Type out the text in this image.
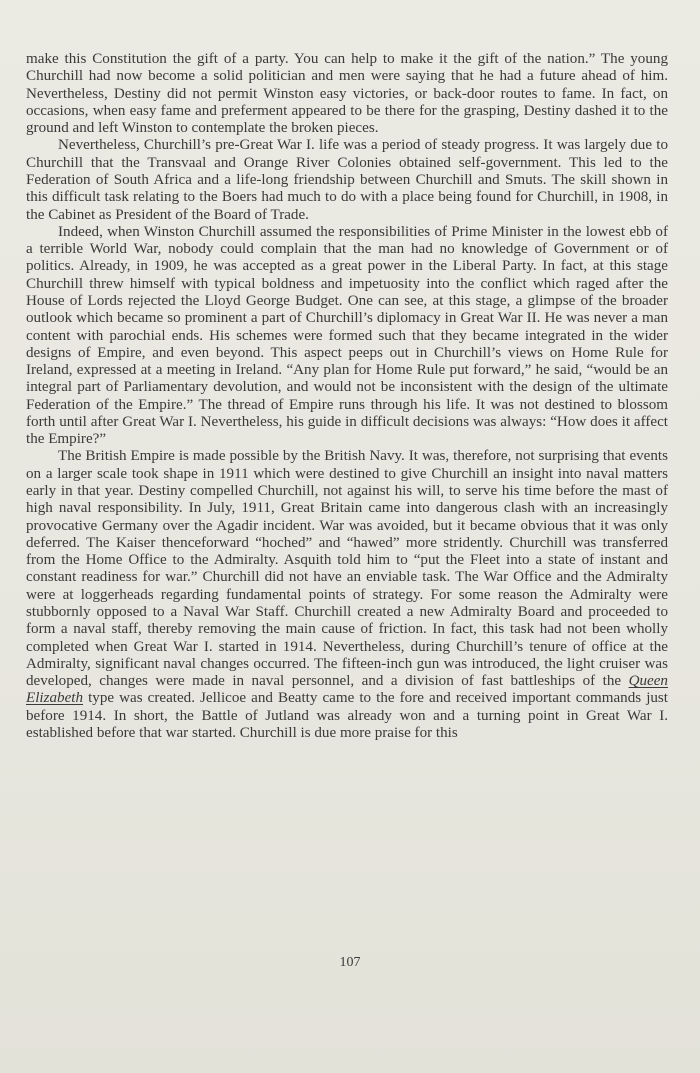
make this Constitution the gift of a party. You can help to make it the gift of the nation.” The young Churchill had now become a solid politician and men were saying that he had a future ahead of him. Nevertheless, Destiny did not permit Winston easy victories, or back-door routes to fame. In fact, on occasions, when easy fame and preferment appeared to be there for the grasping, Destiny dashed it to the ground and left Winston to contemplate the broken pieces.

Nevertheless, Churchill’s pre-Great War I. life was a period of steady progress. It was largely due to Churchill that the Transvaal and Orange River Colonies obtained self-government. This led to the Federation of South Africa and a life-long friendship between Churchill and Smuts. The skill shown in this difficult task relating to the Boers had much to do with a place being found for Churchill, in 1908, in the Cabinet as President of the Board of Trade.

Indeed, when Winston Churchill assumed the responsibilities of Prime Minister in the lowest ebb of a terrible World War, nobody could complain that the man had no knowledge of Government or of politics. Already, in 1909, he was accepted as a great power in the Liberal Party. In fact, at this stage Churchill threw himself with typical boldness and impetuosity into the conflict which raged after the House of Lords rejected the Lloyd George Budget. One can see, at this stage, a glimpse of the broader outlook which became so prominent a part of Churchill’s diplomacy in Great War II. He was never a man content with parochial ends. His schemes were formed such that they became integrated in the wider designs of Empire, and even beyond. This aspect peeps out in Churchill’s views on Home Rule for Ireland, expressed at a meeting in Ireland. “Any plan for Home Rule put forward,” he said, “would be an integral part of Parliamentary devolution, and would not be inconsistent with the design of the ultimate Federation of the Empire.” The thread of Empire runs through his life. It was not destined to blossom forth until after Great War I. Nevertheless, his guide in difficult decisions was always: “How does it affect the Empire?”

The British Empire is made possible by the British Navy. It was, therefore, not surprising that events on a larger scale took shape in 1911 which were destined to give Churchill an insight into naval matters early in that year. Destiny compelled Churchill, not against his will, to serve his time before the mast of high naval responsibility. In July, 1911, Great Britain came into dangerous clash with an increasingly provocative Germany over the Agadir incident. War was avoided, but it became obvious that it was only deferred. The Kaiser thenceforward “hoched” and “hawed” more stridently. Churchill was transferred from the Home Office to the Admiralty. Asquith told him to “put the Fleet into a state of instant and constant readiness for war.” Churchill did not have an enviable task. The War Office and the Admiralty were at loggerheads regarding fundamental points of strategy. For some reason the Admiralty were stubbornly opposed to a Naval War Staff. Churchill created a new Admiralty Board and proceeded to form a naval staff, thereby removing the main cause of friction. In fact, this task had not been wholly completed when Great War I. started in 1914. Nevertheless, during Churchill’s tenure of office at the Admiralty, significant naval changes occurred. The fifteen-inch gun was introduced, the light cruiser was developed, changes were made in naval personnel, and a division of fast battleships of the Queen Elizabeth type was created. Jellicoe and Beatty came to the fore and received important commands just before 1914. In short, the Battle of Jutland was already won and a turning point in Great War I. established before that war started. Churchill is due more praise for this

107
